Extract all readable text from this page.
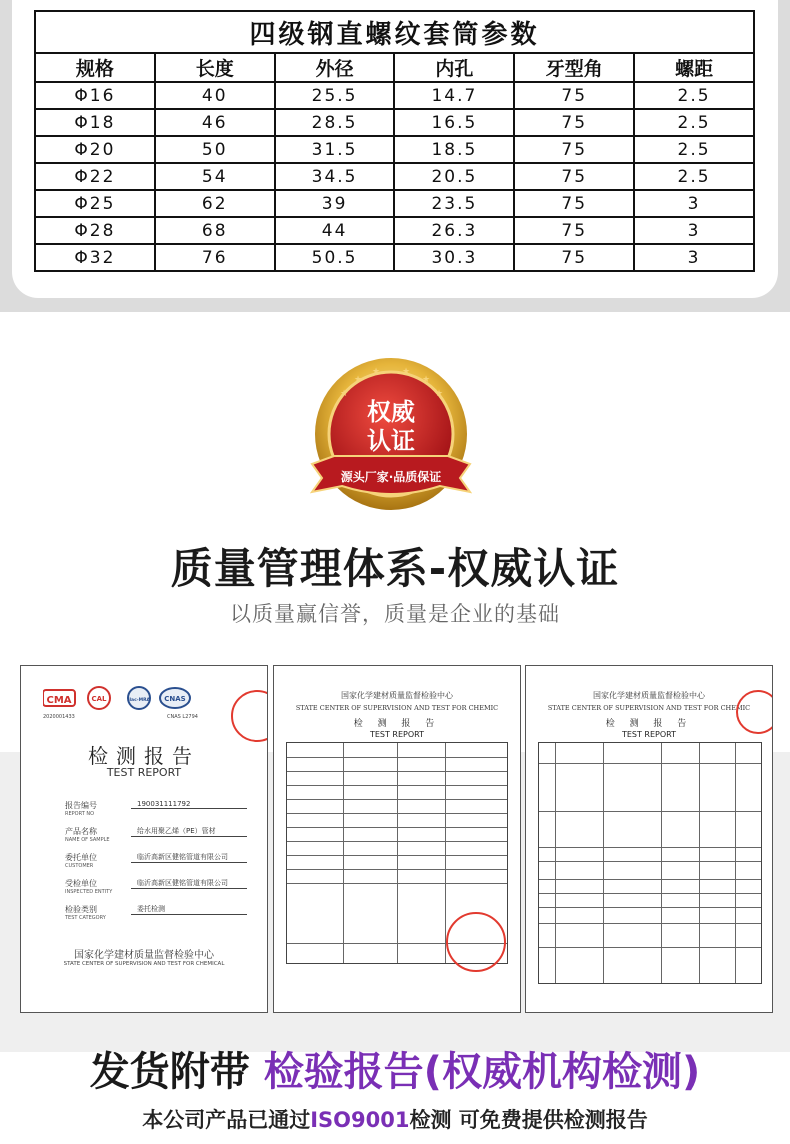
四级钢直螺纹套筒参数					
规格	长度	外径	内孔	牙型角	螺距
Φ16	40	25.5	14.7	75	2.5
Φ18	46	28.5	16.5	75	2.5
Φ20	50	31.5	18.5	75	2.5
Φ22	54	34.5	20.5	75	2.5
Φ25	62	39	23.5	75	3
Φ28	68	44	26.3	75	3
Φ32	76	50.5	30.3	75	3
★
★
★ ★
★
★
权威
认证
源头厂家·品质保证
质量管理体系-权威认证
以质量赢信誉，质量是企业的基础
CMA	CAL	ilac-MRA CNAS
2020001433	CNAS L2794
检测报告
TEST REPORT
报告编号
REPORT NO
190031111792
产品名称
NAME OF SAMPLE
给水用聚乙烯（PE）管材
委托单位
CUSTOMER
临沂高新区健铭管道有限公司
受检单位
INSPECTED ENTITY
临沂高新区健铭管道有限公司
检验类别
TEST CATEGORY
委托检测
国家化学建材质量监督检验中心
STATE CENTER OF SUPERVISION AND TEST FOR CHEMICAL
国家化学建材质量监督检验中心
STATE CENTER OF SUPERVISION AND TEST FOR CHEMIC
检 测 报 告
TEST REPORT
国家化学建材质量监督检验中心
STATE CENTER OF SUPERVISION AND TEST FOR CHEMIC
检 测 报 告
TEST REPORT
发货附带 检验报告(权威机构检测)
本公司产品已通过ISO9001检测 可免费提供检测报告
